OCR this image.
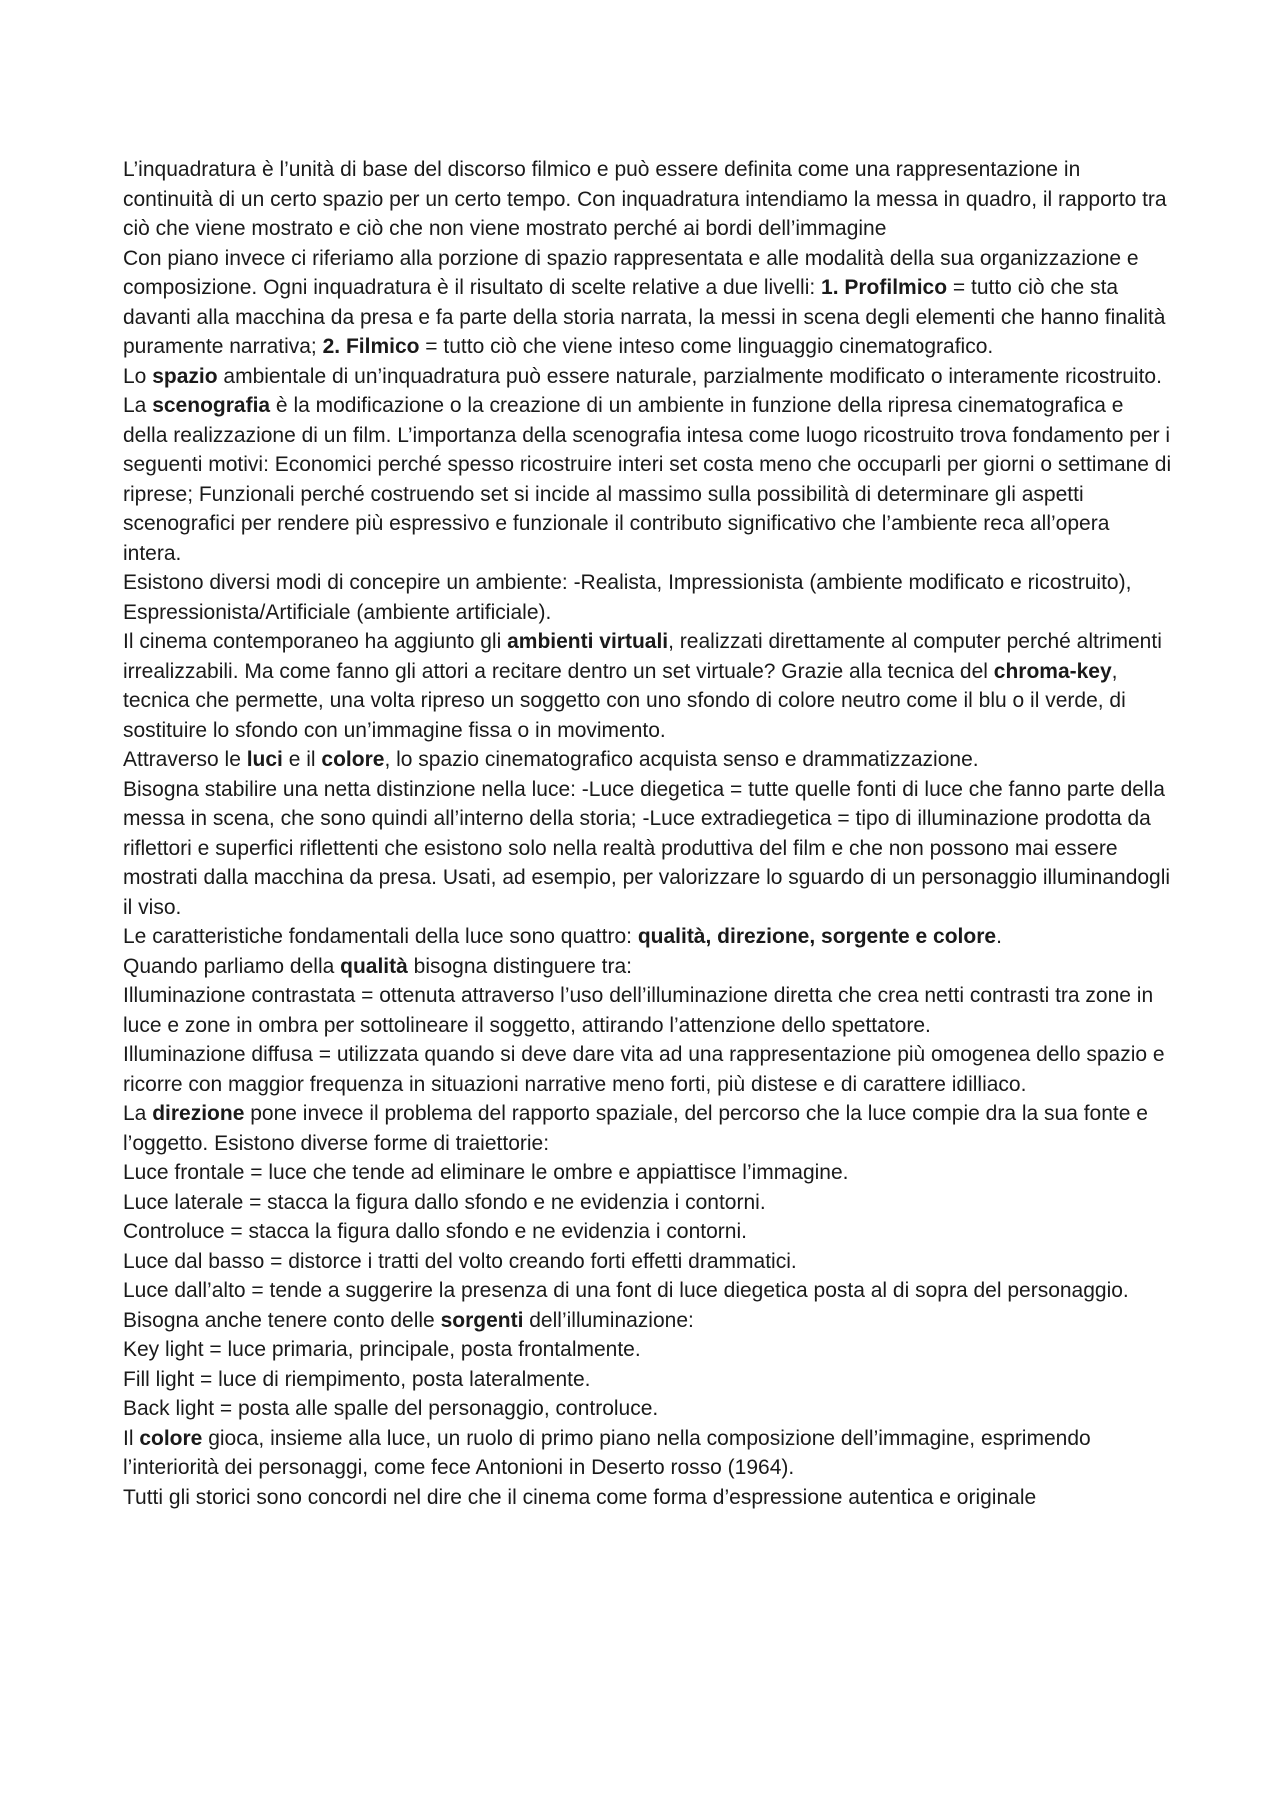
L’inquadratura è l’unità di base del discorso filmico e può essere definita come una rappresentazione in continuità di un certo spazio per un certo tempo. Con inquadratura intendiamo la messa in quadro, il rapporto tra ciò che viene mostrato e ciò che non viene mostrato perché ai bordi dell’immagine

Con piano invece ci riferiamo alla porzione di spazio rappresentata e alle modalità della sua organizzazione e composizione. Ogni inquadratura è il risultato di scelte relative a due livelli: 1. Profilmico = tutto ciò che sta davanti alla macchina da presa e fa parte della storia narrata, la messi in scena degli elementi che hanno finalità puramente narrativa; 2. Filmico = tutto ciò che viene inteso come linguaggio cinematografico.

Lo spazio ambientale di un’inquadratura può essere naturale, parzialmente modificato o interamente ricostruito. La scenografia è la modificazione o la creazione di un ambiente in funzione della ripresa cinematografica e della realizzazione di un film. L’importanza della scenografia intesa come luogo ricostruito trova fondamento per i seguenti motivi: Economici perché spesso ricostruire interi set costa meno che occuparli per giorni o settimane di riprese; Funzionali perché costruendo set si incide al massimo sulla possibilità di determinare gli aspetti scenografici per rendere più espressivo e funzionale il contributo significativo che l’ambiente reca all’opera intera.

Esistono diversi modi di concepire un ambiente: -Realista, Impressionista (ambiente modificato e ricostruito), Espressionista/Artificiale (ambiente artificiale).

Il cinema contemporaneo ha aggiunto gli ambienti virtuali, realizzati direttamente al computer perché altrimenti irrealizzabili. Ma come fanno gli attori a recitare dentro un set virtuale? Grazie alla tecnica del chroma-key, tecnica che permette, una volta ripreso un soggetto con uno sfondo di colore neutro come il blu o il verde, di sostituire lo sfondo con un’immagine fissa o in movimento.

Attraverso le luci e il colore, lo spazio cinematografico acquista senso e drammatizzazione.

Bisogna stabilire una netta distinzione nella luce: -Luce diegetica = tutte quelle fonti di luce che fanno parte della messa in scena, che sono quindi all’interno della storia; -Luce extradiegetica = tipo di illuminazione prodotta da riflettori e superfici riflettenti che esistono solo nella realtà produttiva del film e che non possono mai essere mostrati dalla macchina da presa. Usati, ad esempio, per valorizzare lo sguardo di un personaggio illuminandogli il viso.

Le caratteristiche fondamentali della luce sono quattro: qualità, direzione, sorgente e colore.

Quando parliamo della qualità bisogna distinguere tra:

Illuminazione contrastata = ottenuta attraverso l’uso dell’illuminazione diretta che crea netti contrasti tra zone in luce e zone in ombra per sottolineare il soggetto, attirando l’attenzione dello spettatore.

Illuminazione diffusa = utilizzata quando si deve dare vita ad una rappresentazione più omogenea dello spazio e ricorre con maggior frequenza in situazioni narrative meno forti, più distese e di carattere idilliaco.

La direzione pone invece il problema del rapporto spaziale, del percorso che la luce compie dra la sua fonte e l’oggetto. Esistono diverse forme di traiettorie:

Luce frontale = luce che tende ad eliminare le ombre e appiattisce l’immagine.

Luce laterale = stacca la figura dallo sfondo e ne evidenzia i contorni.

Controluce = stacca la figura dallo sfondo e ne evidenzia i contorni.

Luce dal basso = distorce i tratti del volto creando forti effetti drammatici.

Luce dall’alto = tende a suggerire la presenza di una font di luce diegetica posta al di sopra del personaggio.

Bisogna anche tenere conto delle sorgenti dell’illuminazione:

Key light = luce primaria, principale, posta frontalmente.

Fill light = luce di riempimento, posta lateralmente.

Back light = posta alle spalle del personaggio, controluce.

Il colore gioca, insieme alla luce, un ruolo di primo piano nella composizione dell’immagine, esprimendo l’interiorità dei personaggi, come fece Antonioni in Deserto rosso (1964).

Tutti gli storici sono concordi nel dire che il cinema come forma d’espressione autentica e originale
